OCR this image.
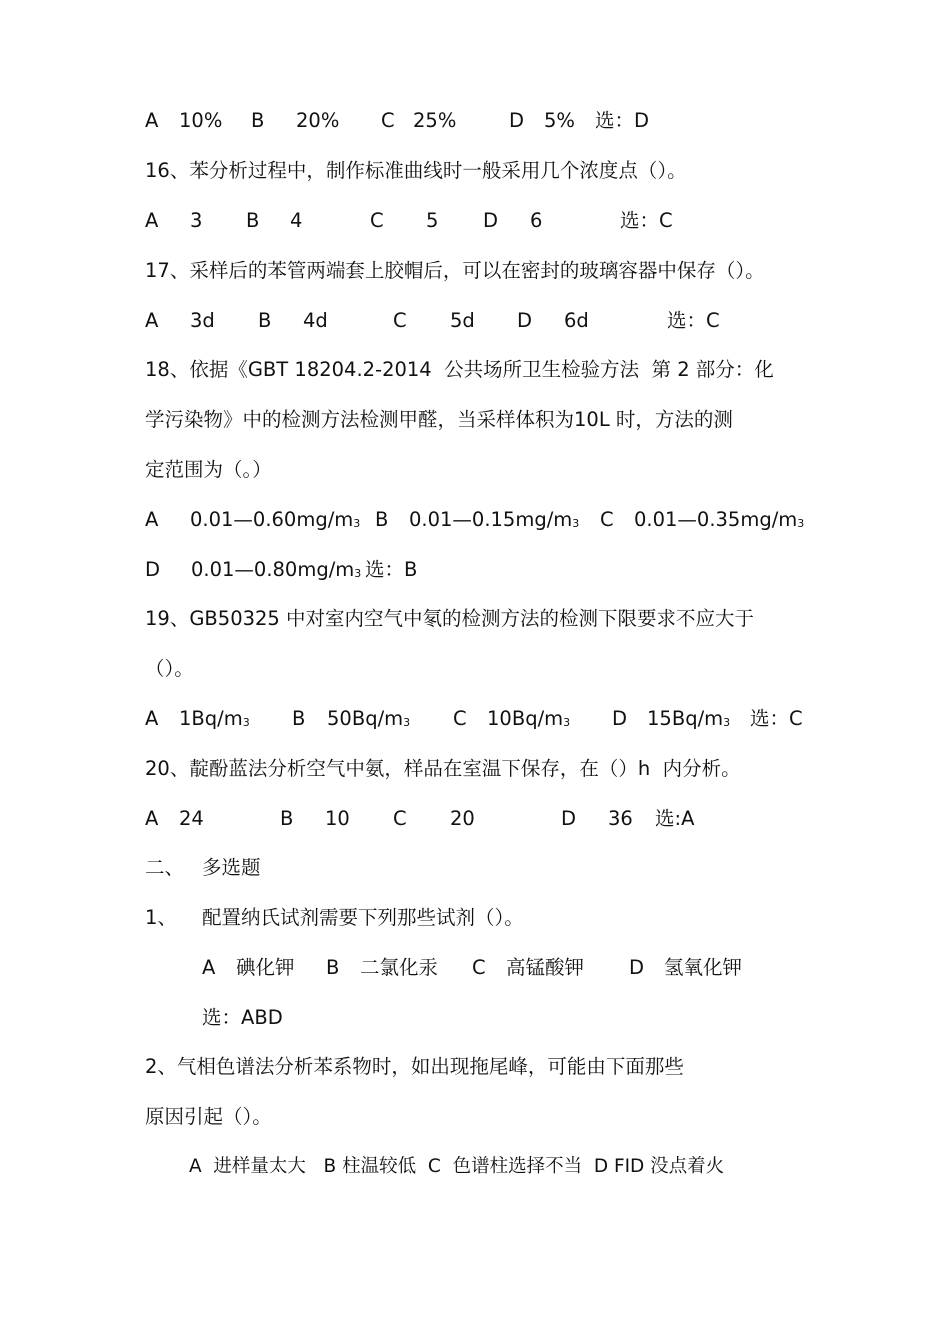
A 10% B 20% C 25%	D 5% 选：D
16、苯分析过程中，制作标准曲线时一般采用几个浓度点（）。
A 3 B 4	C 5 D 6	选：C
17、采样后的苯管两端套上胶帽后，可以在密封的玻璃容器中保存（）。
A 3d B 4d	C 5d D 6d	选：C
18、依据《GBT 18204.2-2014  公共场所卫生检验方法  第 2 部分：化
学污染物》中的检测方法检测甲醛，当采样体积为10L 时，方法的测
定范围为（。）
A 0.01—0.60mg/m3 B 0.01—0.15mg/m3 C 0.01—0.35mg/m3
D 0.01—0.80mg/m3 选：B
19、GB50325 中对室内空气中氡的检测方法的检测下限要求不应大于
（）。
A 1Bq/m3 B 50Bq/m3 C 10Bq/m3 D 15Bq/m3 选：C
20、靛酚蓝法分析空气中氨，样品在室温下保存，在（）h  内分析。
A 24	B 10 C 20	D 36 选:A
二、 多选题
1、 配置纳氏试剂需要下列那些试剂（）。
A 碘化钾 B 二氯化汞 C 高锰酸钾 D 氢氧化钾
选：ABD
2、气相色谱法分析苯系物时，如出现拖尾峰，可能由下面那些
原因引起（）。
A  进样量太大   B 柱温较低  C  色谱柱选择不当  D FID 没点着火
